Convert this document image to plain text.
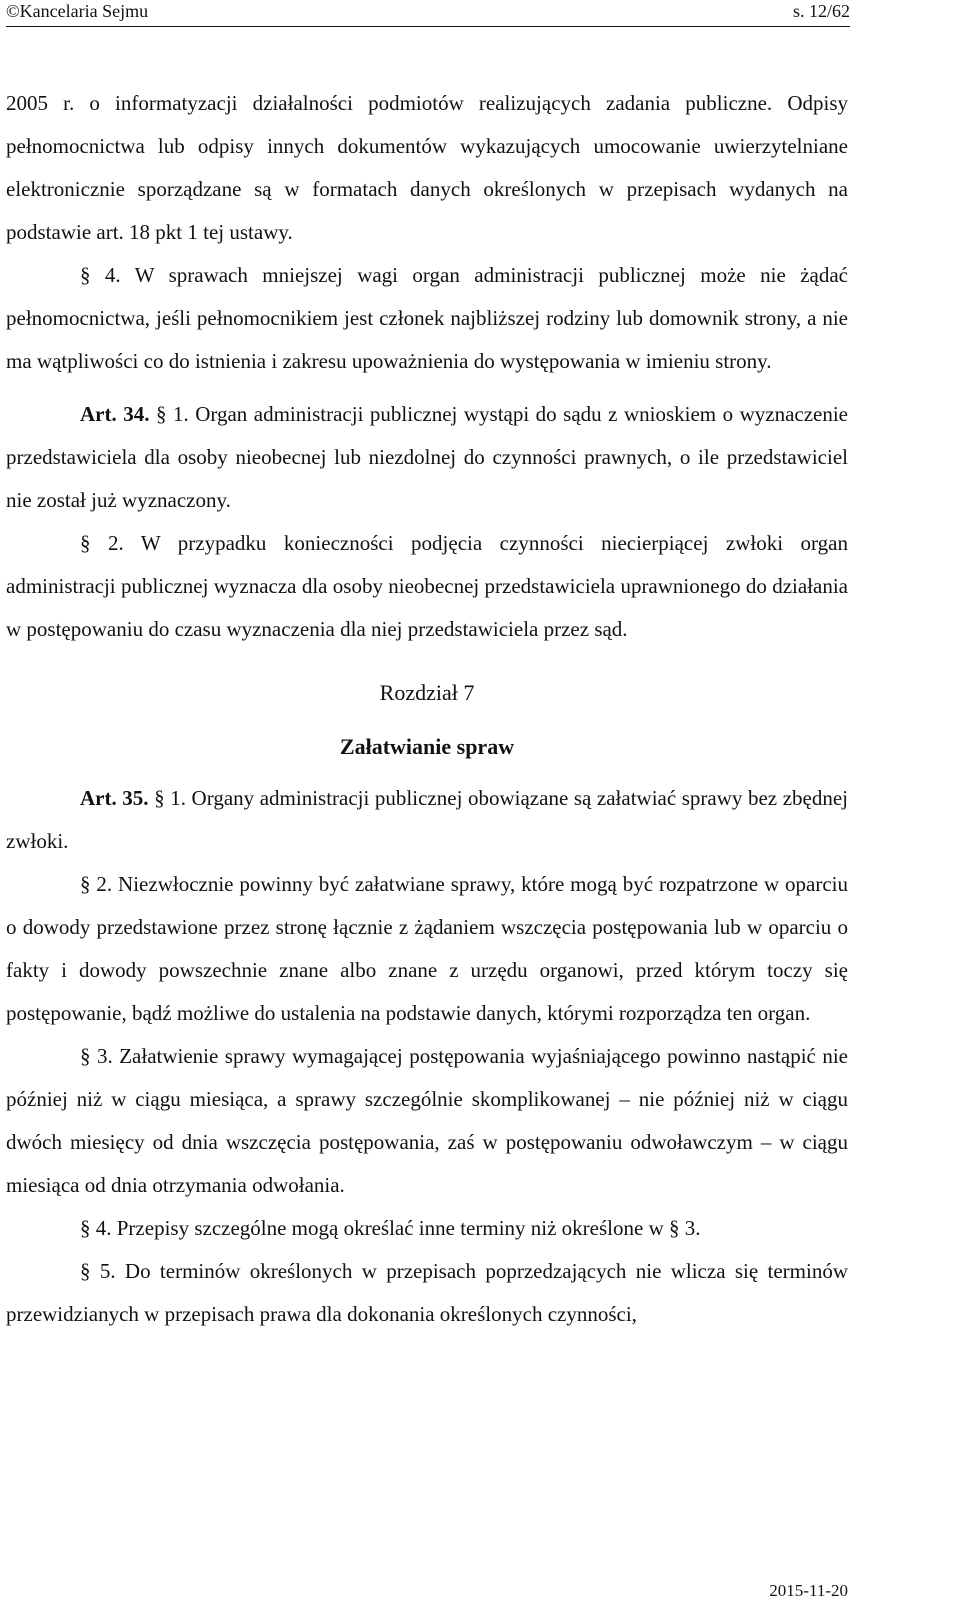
©Kancelaria Sejmu	s. 12/62

2005 r. o informatyzacji działalności podmiotów realizujących zadania publiczne. Odpisy pełnomocnictwa lub odpisy innych dokumentów wykazujących umocowanie uwierzytelniane elektronicznie sporządzane są w formatach danych określonych w przepisach wydanych na podstawie art. 18 pkt 1 tej ustawy.

§ 4. W sprawach mniejszej wagi organ administracji publicznej może nie żądać pełnomocnictwa, jeśli pełnomocnikiem jest członek najbliższej rodziny lub domownik strony, a nie ma wątpliwości co do istnienia i zakresu upoważnienia do występowania w imieniu strony.

Art. 34. § 1. Organ administracji publicznej wystąpi do sądu z wnioskiem o wyznaczenie przedstawiciela dla osoby nieobecnej lub niezdolnej do czynności prawnych, o ile przedstawiciel nie został już wyznaczony.

§ 2. W przypadku konieczności podjęcia czynności niecierpiącej zwłoki organ administracji publicznej wyznacza dla osoby nieobecnej przedstawiciela uprawnionego do działania w postępowaniu do czasu wyznaczenia dla niej przedstawiciela przez sąd.

Rozdział 7

Załatwianie spraw

Art. 35. § 1. Organy administracji publicznej obowiązane są załatwiać sprawy bez zbędnej zwłoki.

§ 2. Niezwłocznie powinny być załatwiane sprawy, które mogą być rozpatrzone w oparciu o dowody przedstawione przez stronę łącznie z żądaniem wszczęcia postępowania lub w oparciu o fakty i dowody powszechnie znane albo znane z urzędu organowi, przed którym toczy się postępowanie, bądź możliwe do ustalenia na podstawie danych, którymi rozporządza ten organ.

§ 3. Załatwienie sprawy wymagającej postępowania wyjaśniającego powinno nastąpić nie później niż w ciągu miesiąca, a sprawy szczególnie skomplikowanej – nie później niż w ciągu dwóch miesięcy od dnia wszczęcia postępowania, zaś w postępowaniu odwoławczym – w ciągu miesiąca od dnia otrzymania odwołania.

§ 4. Przepisy szczególne mogą określać inne terminy niż określone w § 3.

§ 5. Do terminów określonych w przepisach poprzedzających nie wlicza się terminów przewidzianych w przepisach prawa dla dokonania określonych czynności,

2015-11-20
